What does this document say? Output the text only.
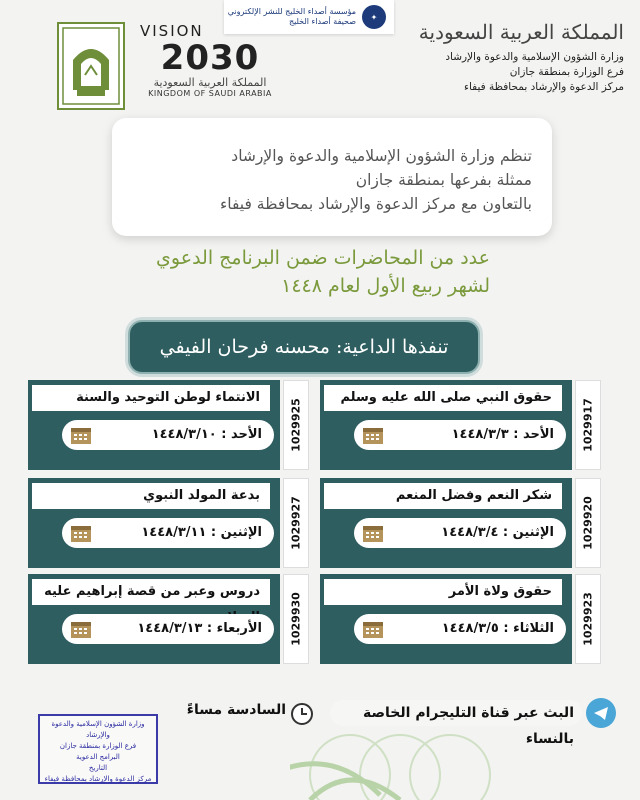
مؤسسة أصداء الخليج للنشر الإلكتروني
صحيفة أصداء الخليج	✦
VISION
2030
المملكة العربية السعودية
KINGDOM OF SAUDI ARABIA
المملكة العربية السعودية
وزارة الشؤون الإسلامية والدعوة والإرشاد
فرع الوزارة بمنطقة جازان
مركز الدعوة والإرشاد بمحافظة فيفاء
تنظم وزارة الشؤون الإسلامية والدعوة والإرشاد
ممثلة بفرعها بمنطقة جازان
بالتعاون مع مركز الدعوة والإرشاد بمحافظة فيفاء
عدد من المحاضرات ضمن البرنامج الدعوي
لشهر ربيع الأول لعام ١٤٤٨
تنفذها الداعية: محسنه فرحان الفيفي
حقوق النبي صلى الله عليه وسلم
الأحد : ١٤٤٨/٣/٣	1029917
الانتماء لوطن التوحيد والسنة
الأحد : ١٤٤٨/٣/١٠	1029925
شكر النعم وفضل المنعم
الإثنين : ١٤٤٨/٣/٤	1029920
بدعة المولد النبوي
الإثنين : ١٤٤٨/٣/١١	1029927
حقوق ولاة الأمر
الثلاثاء : ١٤٤٨/٣/٥	1029923
دروس وعبر من قصة إبراهيم عليه
الأربعاء : ١٤٤٨/٣/١٣	1029930
البث عبر قناة التليجرام الخاصة بالنساء
السادسة مساءً
وزارة الشؤون الإسلامية والدعوة والإرشاد
فرع الوزارة بمنطقة جازان
البرامج الدعوية
التاريخ
مركز الدعوة والإرشاد بمحافظة فيفاء
